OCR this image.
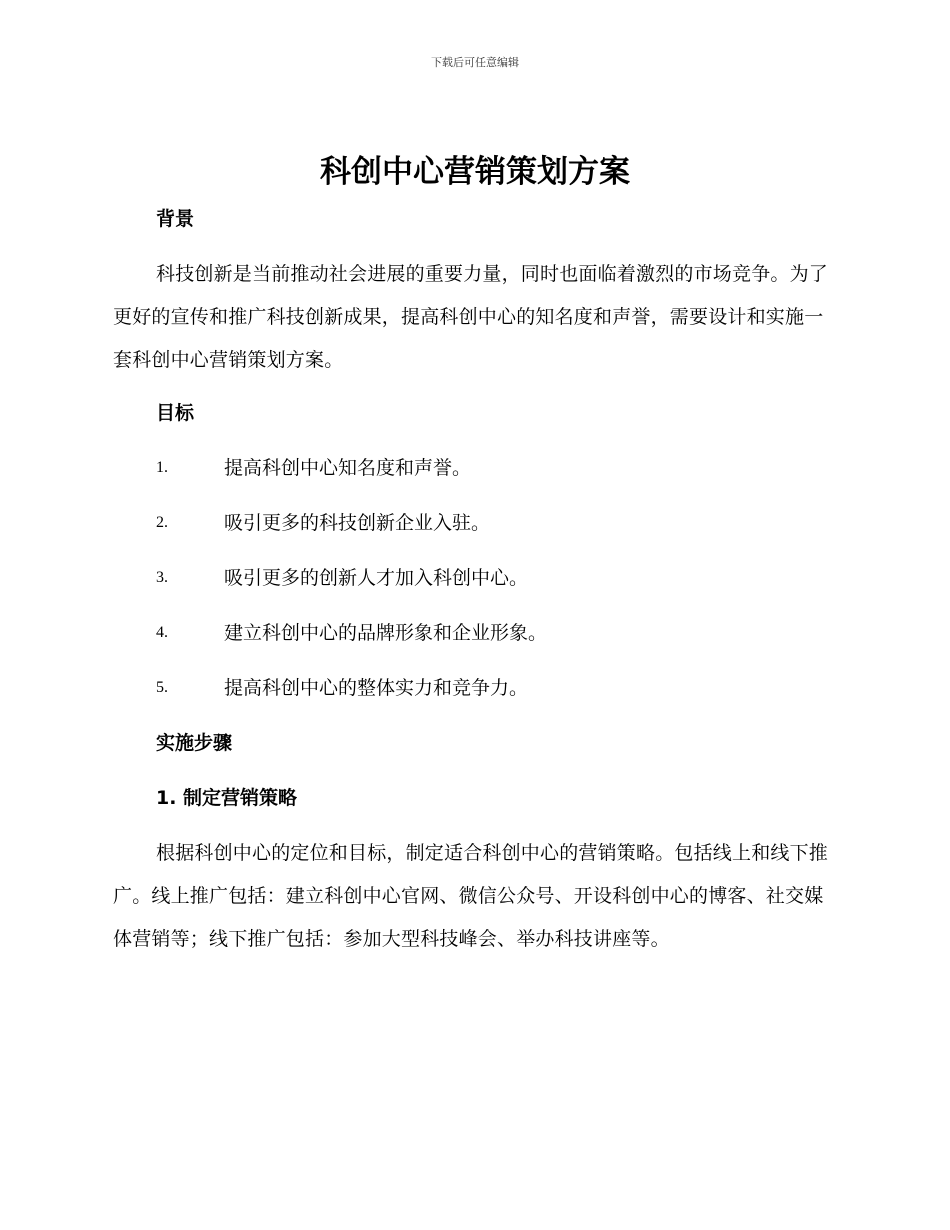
下载后可任意编辑
科创中心营销策划方案
背景

科技创新是当前推动社会进展的重要力量，同时也面临着激烈的市场竞争。为了更好的宣传和推广科技创新成果，提高科创中心的知名度和声誉，需要设计和实施一套科创中心营销策划方案。

目标
1.	提高科创中心知名度和声誉。
2.	吸引更多的科技创新企业入驻。
3.	吸引更多的创新人才加入科创中心。
4.	建立科创中心的品牌形象和企业形象。
5.	提高科创中心的整体实力和竞争力。
实施步骤
1. 制定营销策略

根据科创中心的定位和目标，制定适合科创中心的营销策略。包括线上和线下推广。线上推广包括：建立科创中心官网、微信公众号、开设科创中心的博客、社交媒体营销等；线下推广包括：参加大型科技峰会、举办科技讲座等。
